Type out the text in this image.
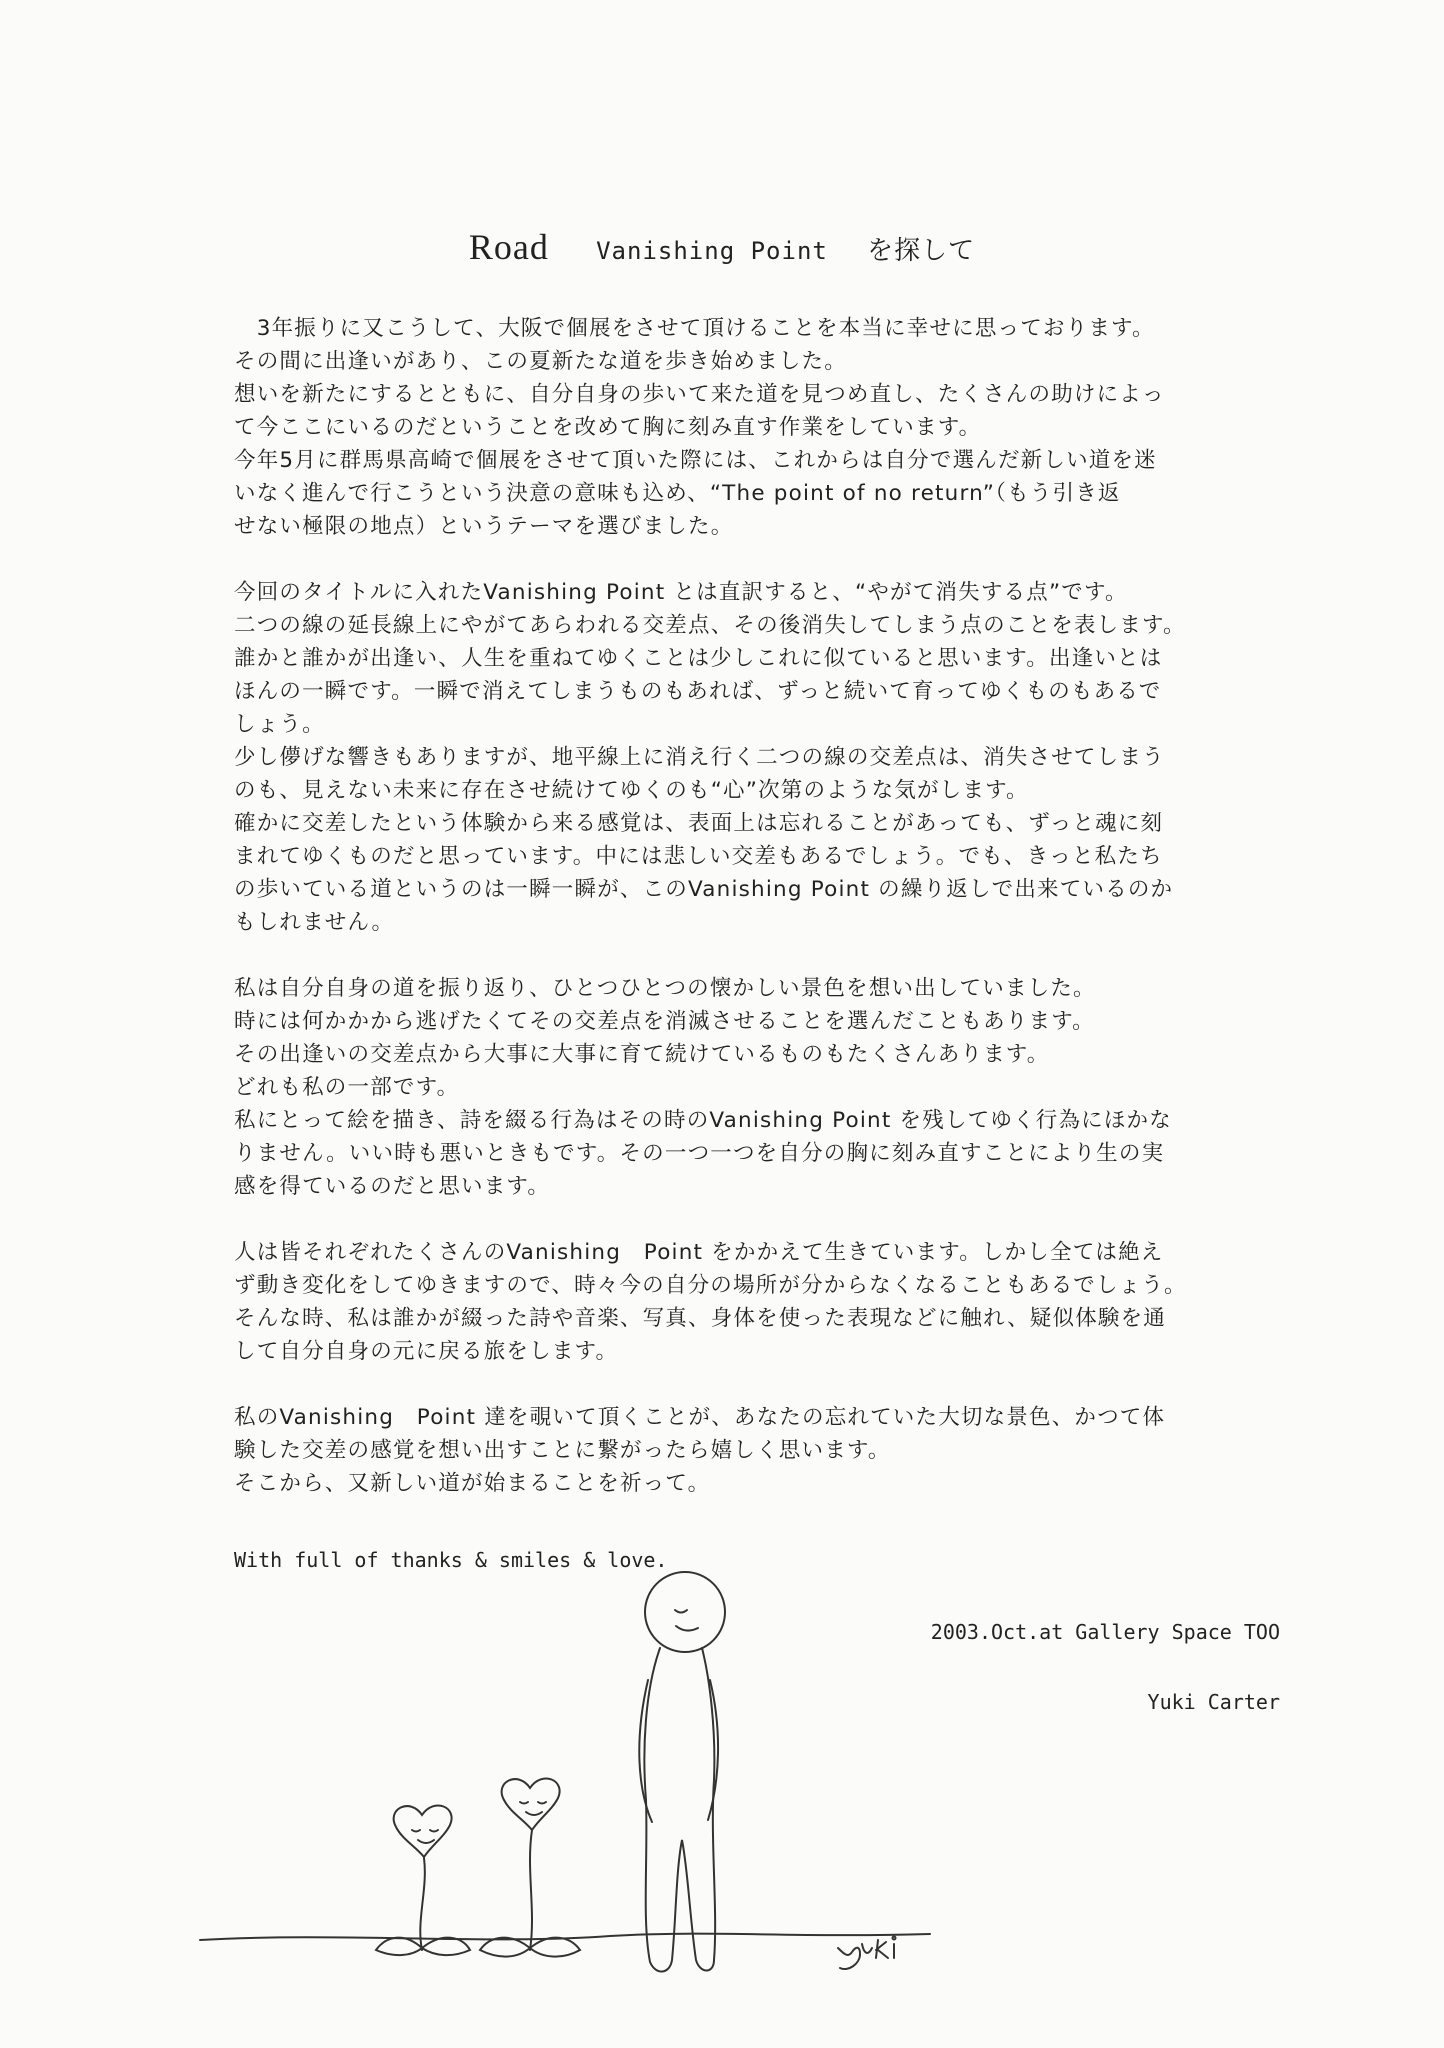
Road Vanishing Point を探して
　3年振りに又こうして、大阪で個展をさせて頂けることを本当に幸せに思っております。
その間に出逢いがあり、この夏新たな道を歩き始めました。
想いを新たにするとともに、自分自身の歩いて来た道を見つめ直し、たくさんの助けによっ
て今ここにいるのだということを改めて胸に刻み直す作業をしています。
今年5月に群馬県高崎で個展をさせて頂いた際には、これからは自分で選んだ新しい道を迷
いなく進んで行こうという決意の意味も込め、“The point of no return”（もう引き返
せない極限の地点）というテーマを選びました。
今回のタイトルに入れたVanishing Point とは直訳すると、“やがて消失する点”です。
二つの線の延長線上にやがてあらわれる交差点、その後消失してしまう点のことを表します。
誰かと誰かが出逢い、人生を重ねてゆくことは少しこれに似ていると思います。出逢いとは
ほんの一瞬です。一瞬で消えてしまうものもあれば、ずっと続いて育ってゆくものもあるで
しょう。
少し儚げな響きもありますが、地平線上に消え行く二つの線の交差点は、消失させてしまう
のも、見えない未来に存在させ続けてゆくのも“心”次第のような気がします。
確かに交差したという体験から来る感覚は、表面上は忘れることがあっても、ずっと魂に刻
まれてゆくものだと思っています。中には悲しい交差もあるでしょう。でも、きっと私たち
の歩いている道というのは一瞬一瞬が、このVanishing Point の繰り返しで出来ているのか
もしれません。
私は自分自身の道を振り返り、ひとつひとつの懐かしい景色を想い出していました。
時には何かかから逃げたくてその交差点を消滅させることを選んだこともあります。
その出逢いの交差点から大事に大事に育て続けているものもたくさんあります。
どれも私の一部です。
私にとって絵を描き、詩を綴る行為はその時のVanishing Point を残してゆく行為にほかな
りません。いい時も悪いときもです。その一つ一つを自分の胸に刻み直すことにより生の実
感を得ているのだと思います。
人は皆それぞれたくさんのVanishing　Point をかかえて生きています。しかし全ては絶え
ず動き変化をしてゆきますので、時々今の自分の場所が分からなくなることもあるでしょう。
そんな時、私は誰かが綴った詩や音楽、写真、身体を使った表現などに触れ、疑似体験を通
して自分自身の元に戻る旅をします。
私のVanishing　Point 達を覗いて頂くことが、あなたの忘れていた大切な景色、かつて体
験した交差の感覚を想い出すことに繋がったら嬉しく思います。
そこから、又新しい道が始まることを祈って。
With full of thanks & smiles & love.
2003.Oct.at Gallery Space TOO
Yuki Carter
